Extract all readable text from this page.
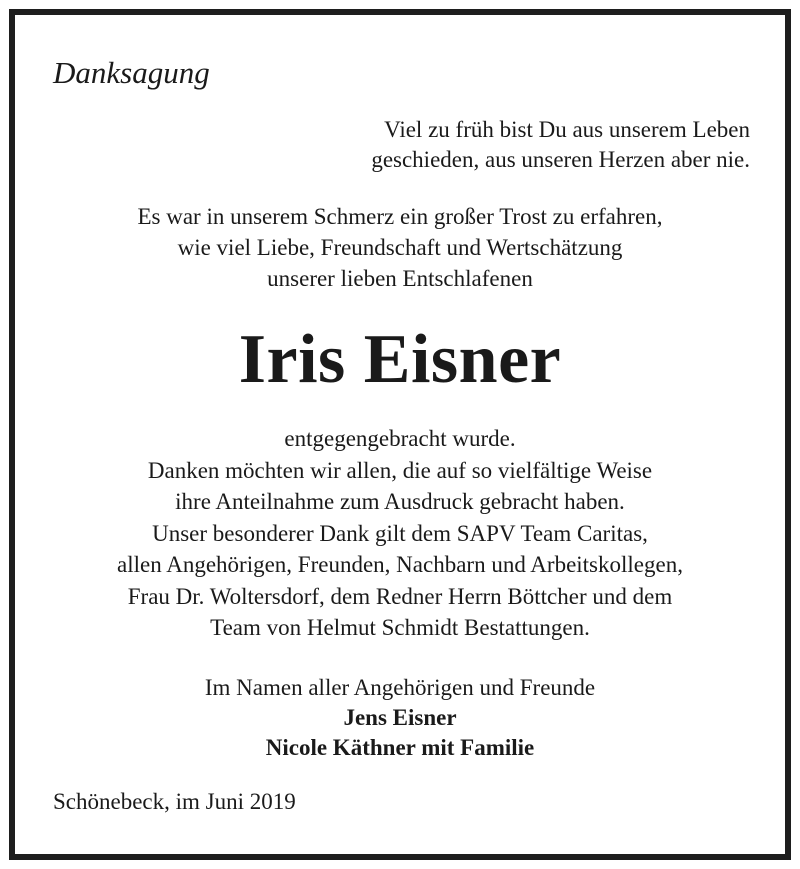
Danksagung
Viel zu früh bist Du aus unserem Leben
geschieden, aus unseren Herzen aber nie.
Es war in unserem Schmerz ein großer Trost zu erfahren,
wie viel Liebe, Freundschaft und Wertschätzung
unserer lieben Entschlafenen
Iris Eisner
entgegengebracht wurde.
Danken möchten wir allen, die auf so vielfältige Weise
ihre Anteilnahme zum Ausdruck gebracht haben.
Unser besonderer Dank gilt dem SAPV Team Caritas,
allen Angehörigen, Freunden, Nachbarn und Arbeitskollegen,
Frau Dr. Woltersdorf, dem Redner Herrn Böttcher und dem
Team von Helmut Schmidt Bestattungen.
Im Namen aller Angehörigen und Freunde
Jens Eisner
Nicole Käthner mit Familie
Schönebeck, im Juni 2019
